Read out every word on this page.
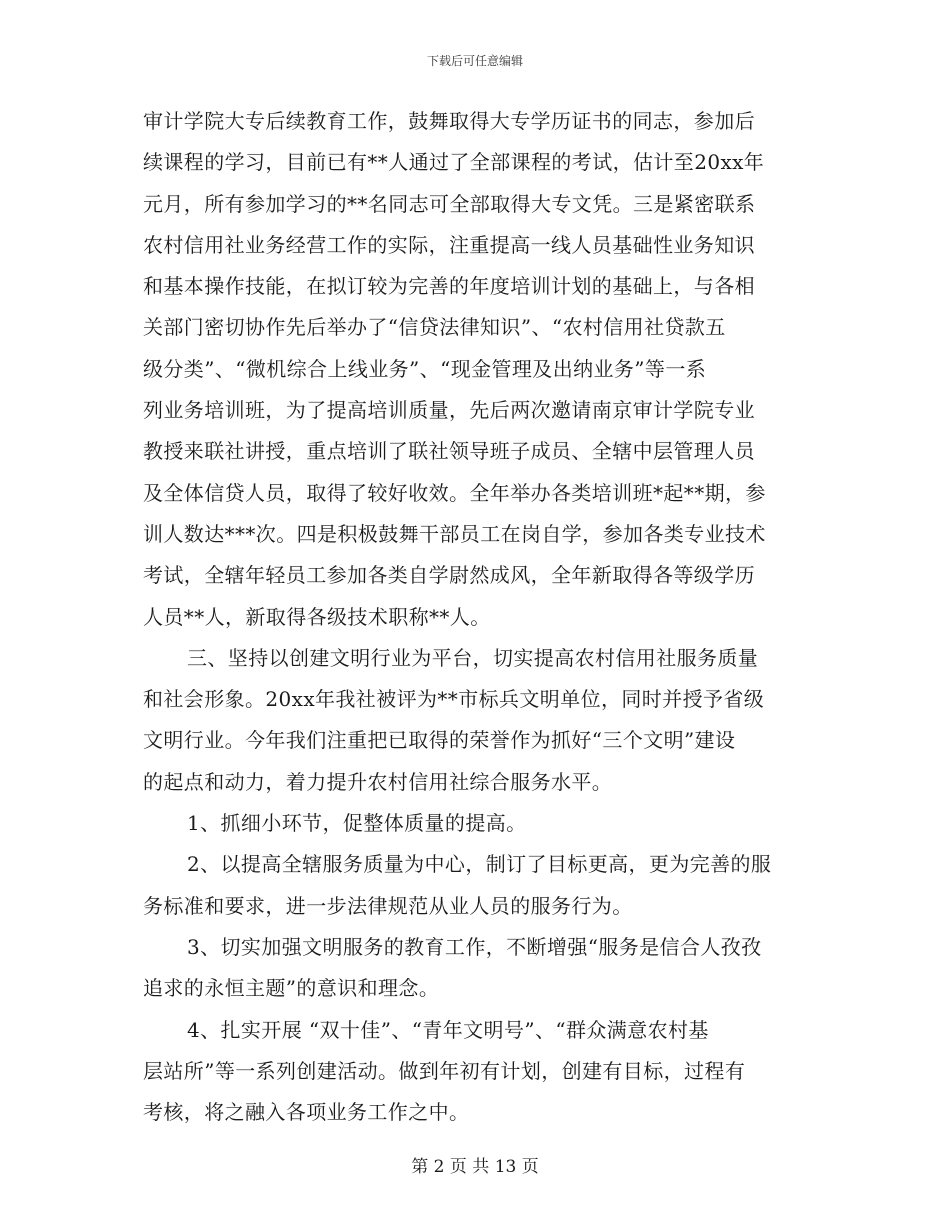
下载后可任意编辑
审计学院大专后续教育工作，鼓舞取得大专学历证书的同志，参加后
续课程的学习，目前已有**人通过了全部课程的考试，估计至20xx年
元月，所有参加学习的**名同志可全部取得大专文凭。三是紧密联系
农村信用社业务经营工作的实际，注重提高一线人员基础性业务知识
和基本操作技能，在拟订较为完善的年度培训计划的基础上，与各相
关部门密切协作先后举办了“信贷法律知识”、“农村信用社贷款五
级分类”、“微机综合上线业务”、“现金管理及出纳业务”等一系
列业务培训班，为了提高培训质量，先后两次邀请南京审计学院专业
教授来联社讲授，重点培训了联社领导班子成员、全辖中层管理人员
及全体信贷人员，取得了较好收效。全年举办各类培训班*起**期，参
训人数达***次。四是积极鼓舞干部员工在岗自学，参加各类专业技术
考试，全辖年轻员工参加各类自学尉然成风，全年新取得各等级学历
人员**人，新取得各级技术职称**人。
三、坚持以创建文明行业为平台，切实提高农村信用社服务质量
和社会形象。20xx年我社被评为**市标兵文明单位，同时并授予省级
文明行业。今年我们注重把已取得的荣誉作为抓好“三个文明”建设
的起点和动力，着力提升农村信用社综合服务水平。
1、抓细小环节，促整体质量的提高。
2、以提高全辖服务质量为中心，制订了目标更高，更为完善的服
务标准和要求，进一步法律规范从业人员的服务行为。
3、切实加强文明服务的教育工作，不断增强“服务是信合人孜孜
追求的永恒主题”的意识和理念。
4、扎实开展 “双十佳”、“青年文明号”、“群众满意农村基
层站所”等一系列创建活动。做到年初有计划，创建有目标，过程有
考核，将之融入各项业务工作之中。
第 2 页 共 13 页
